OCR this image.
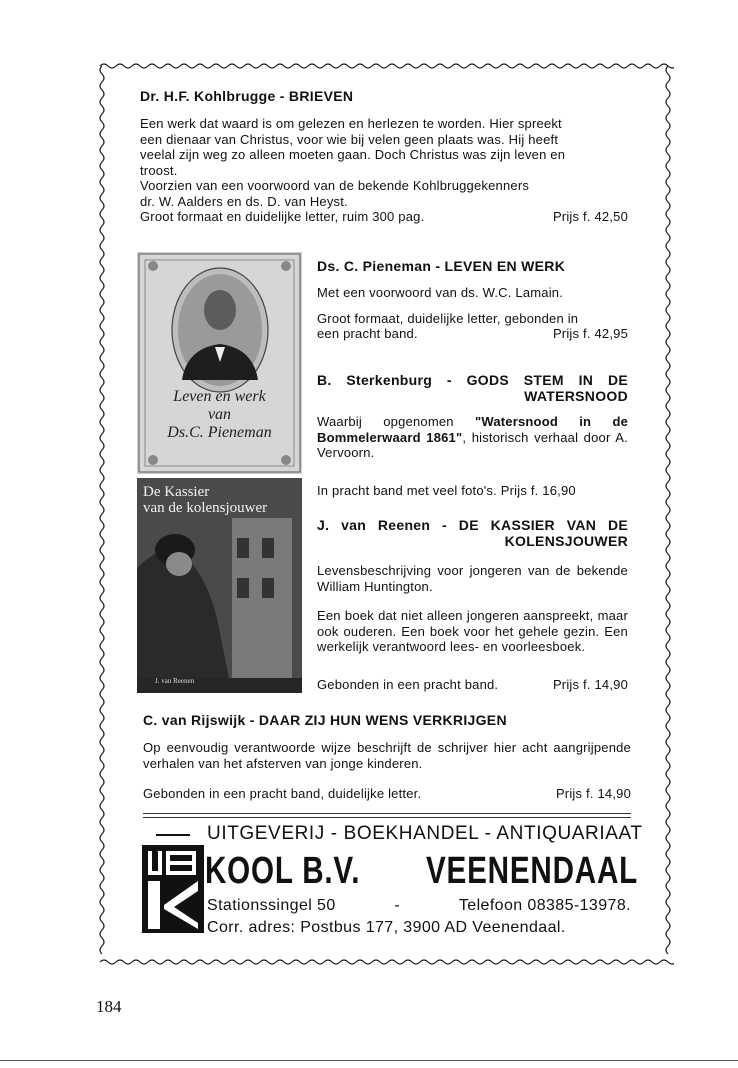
Dr. H.F. Kohlbrugge - BRIEVEN
Een werk dat waard is om gelezen en herlezen te worden. Hier spreekt
een dienaar van Christus, voor wie bij velen geen plaats was. Hij heeft
veelal zijn weg zo alleen moeten gaan. Doch Christus was zijn leven en
troost.
Voorzien van een voorwoord van de bekende Kohlbruggekenners
dr. W. Aalders en ds. D. van Heyst.
Groot formaat en duidelijke letter, ruim 300 pag.	Prijs f. 42,50
Leven en werk
van
Ds.C. Pieneman
De Kassier
van de kolensjouwer
J. van Reenen
Ds. C. Pieneman - LEVEN EN WERK
Met een voorwoord van ds. W.C. Lamain.
Groot formaat, duidelijke letter, gebonden in
een pracht band.	Prijs f. 42,95
B. Sterkenburg - GODS STEM IN DE
WATERSNOOD
Waarbij opgenomen "Watersnood in de Bommelerwaard 1861", historisch verhaal door A. Vervoorn.
In pracht band met veel foto's. Prijs f. 16,90
J. van Reenen - DE KASSIER VAN DE
KOLENSJOUWER
Levensbeschrijving voor jongeren van de bekende William Huntington.
Een boek dat niet alleen jongeren aanspreekt, maar ook ouderen. Een boek voor het gehele gezin. Een werkelijk verantwoord lees- en voorleesboek.
Gebonden in een pracht band.	Prijs f. 14,90
C. van Rijswijk - DAAR ZIJ HUN WENS VERKRIJGEN
Op eenvoudig verantwoorde wijze beschrijft de schrijver hier acht aangrijpende verhalen van het afsterven van jonge kinderen.
Gebonden in een pracht band, duidelijke letter.	Prijs f. 14,90
UITGEVERIJ - BOEKHANDEL - ANTIQUARIAAT
KOOL B.V. VEENENDAAL
Stationssingel 50	-	Telefoon 08385-13978.
Corr. adres: Postbus 177, 3900 AD Veenendaal.
184
